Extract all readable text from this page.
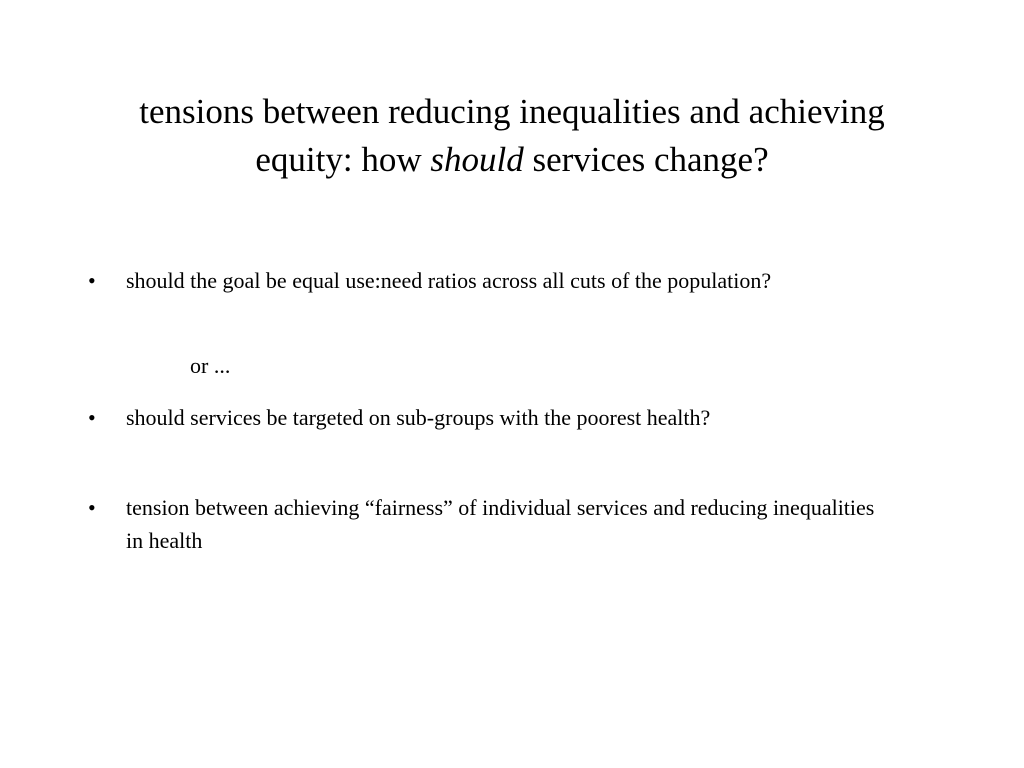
tensions between reducing inequalities and achieving
equity: how should services change?
•	should the goal be equal use:need ratios across all cuts of the population?
or ...
•	should services be targeted on sub-groups with the poorest health?
•	tension between achieving “fairness” of individual services and reducing inequalities in health
